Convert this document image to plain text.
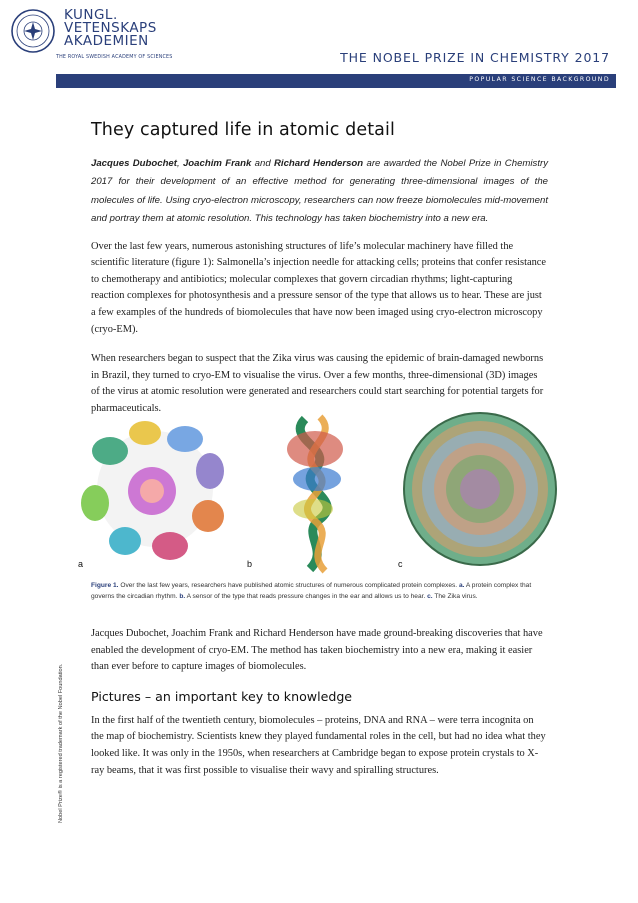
KUNGL.
VETENSKAPS
AKADEMIEN
THE ROYAL SWEDISH ACADEMY OF SCIENCES	THE NOBEL PRIZE IN CHEMISTRY 2017
POPULAR SCIENCE BACKGROUND
Nobel Prize® is a registered trademark of the Nobel Foundation.
They captured life in atomic detail

Jacques Dubochet, Joachim Frank and Richard Henderson are awarded the Nobel Prize in Chemistry 2017 for their development of an effective method for generating three-dimensional images of the molecules of life. Using cryo-electron microscopy, researchers can now freeze biomolecules mid-movement and portray them at atomic resolution. This technology has taken biochemistry into a new era.

Over the last few years, numerous astonishing structures of life’s molecular machinery have filled the scientific literature (figure 1): Salmonella’s injection needle for attacking cells; proteins that confer resistance to chemotherapy and antibiotics; molecular complexes that govern circadian rhythms; light-capturing reaction complexes for photosynthesis and a pressure sensor of the type that allows us to hear. These are just a few examples of the hundreds of biomolecules that have now been imaged using cryo-electron microscopy (cryo-EM).

When researchers began to suspect that the Zika virus was causing the epidemic of brain-damaged newborns in Brazil, they turned to cryo-EM to visualise the virus. Over a few months, three-dimensional (3D) images of the virus at atomic resolution were generated and researchers could start searching for potential targets for pharmaceuticals.

a	b	c
Figure 1. Over the last few years, researchers have published atomic structures of numerous complicated protein complexes. a. A protein complex that governs the circadian rhythm. b. A sensor of the type that reads pressure changes in the ear and allows us to hear. c. The Zika virus.

Jacques Dubochet, Joachim Frank and Richard Henderson have made ground-breaking discoveries that have enabled the development of cryo-EM. The method has taken biochemistry into a new era, making it easier than ever before to capture images of biomolecules.

Pictures – an important key to knowledge

In the first half of the twentieth century, biomolecules – proteins, DNA and RNA – were terra incognita on the map of biochemistry. Scientists knew they played fundamental roles in the cell, but had no idea what they looked like. It was only in the 1950s, when researchers at Cambridge began to expose protein crystals to X-ray beams, that it was first possible to visualise their wavy and spiralling structures.
